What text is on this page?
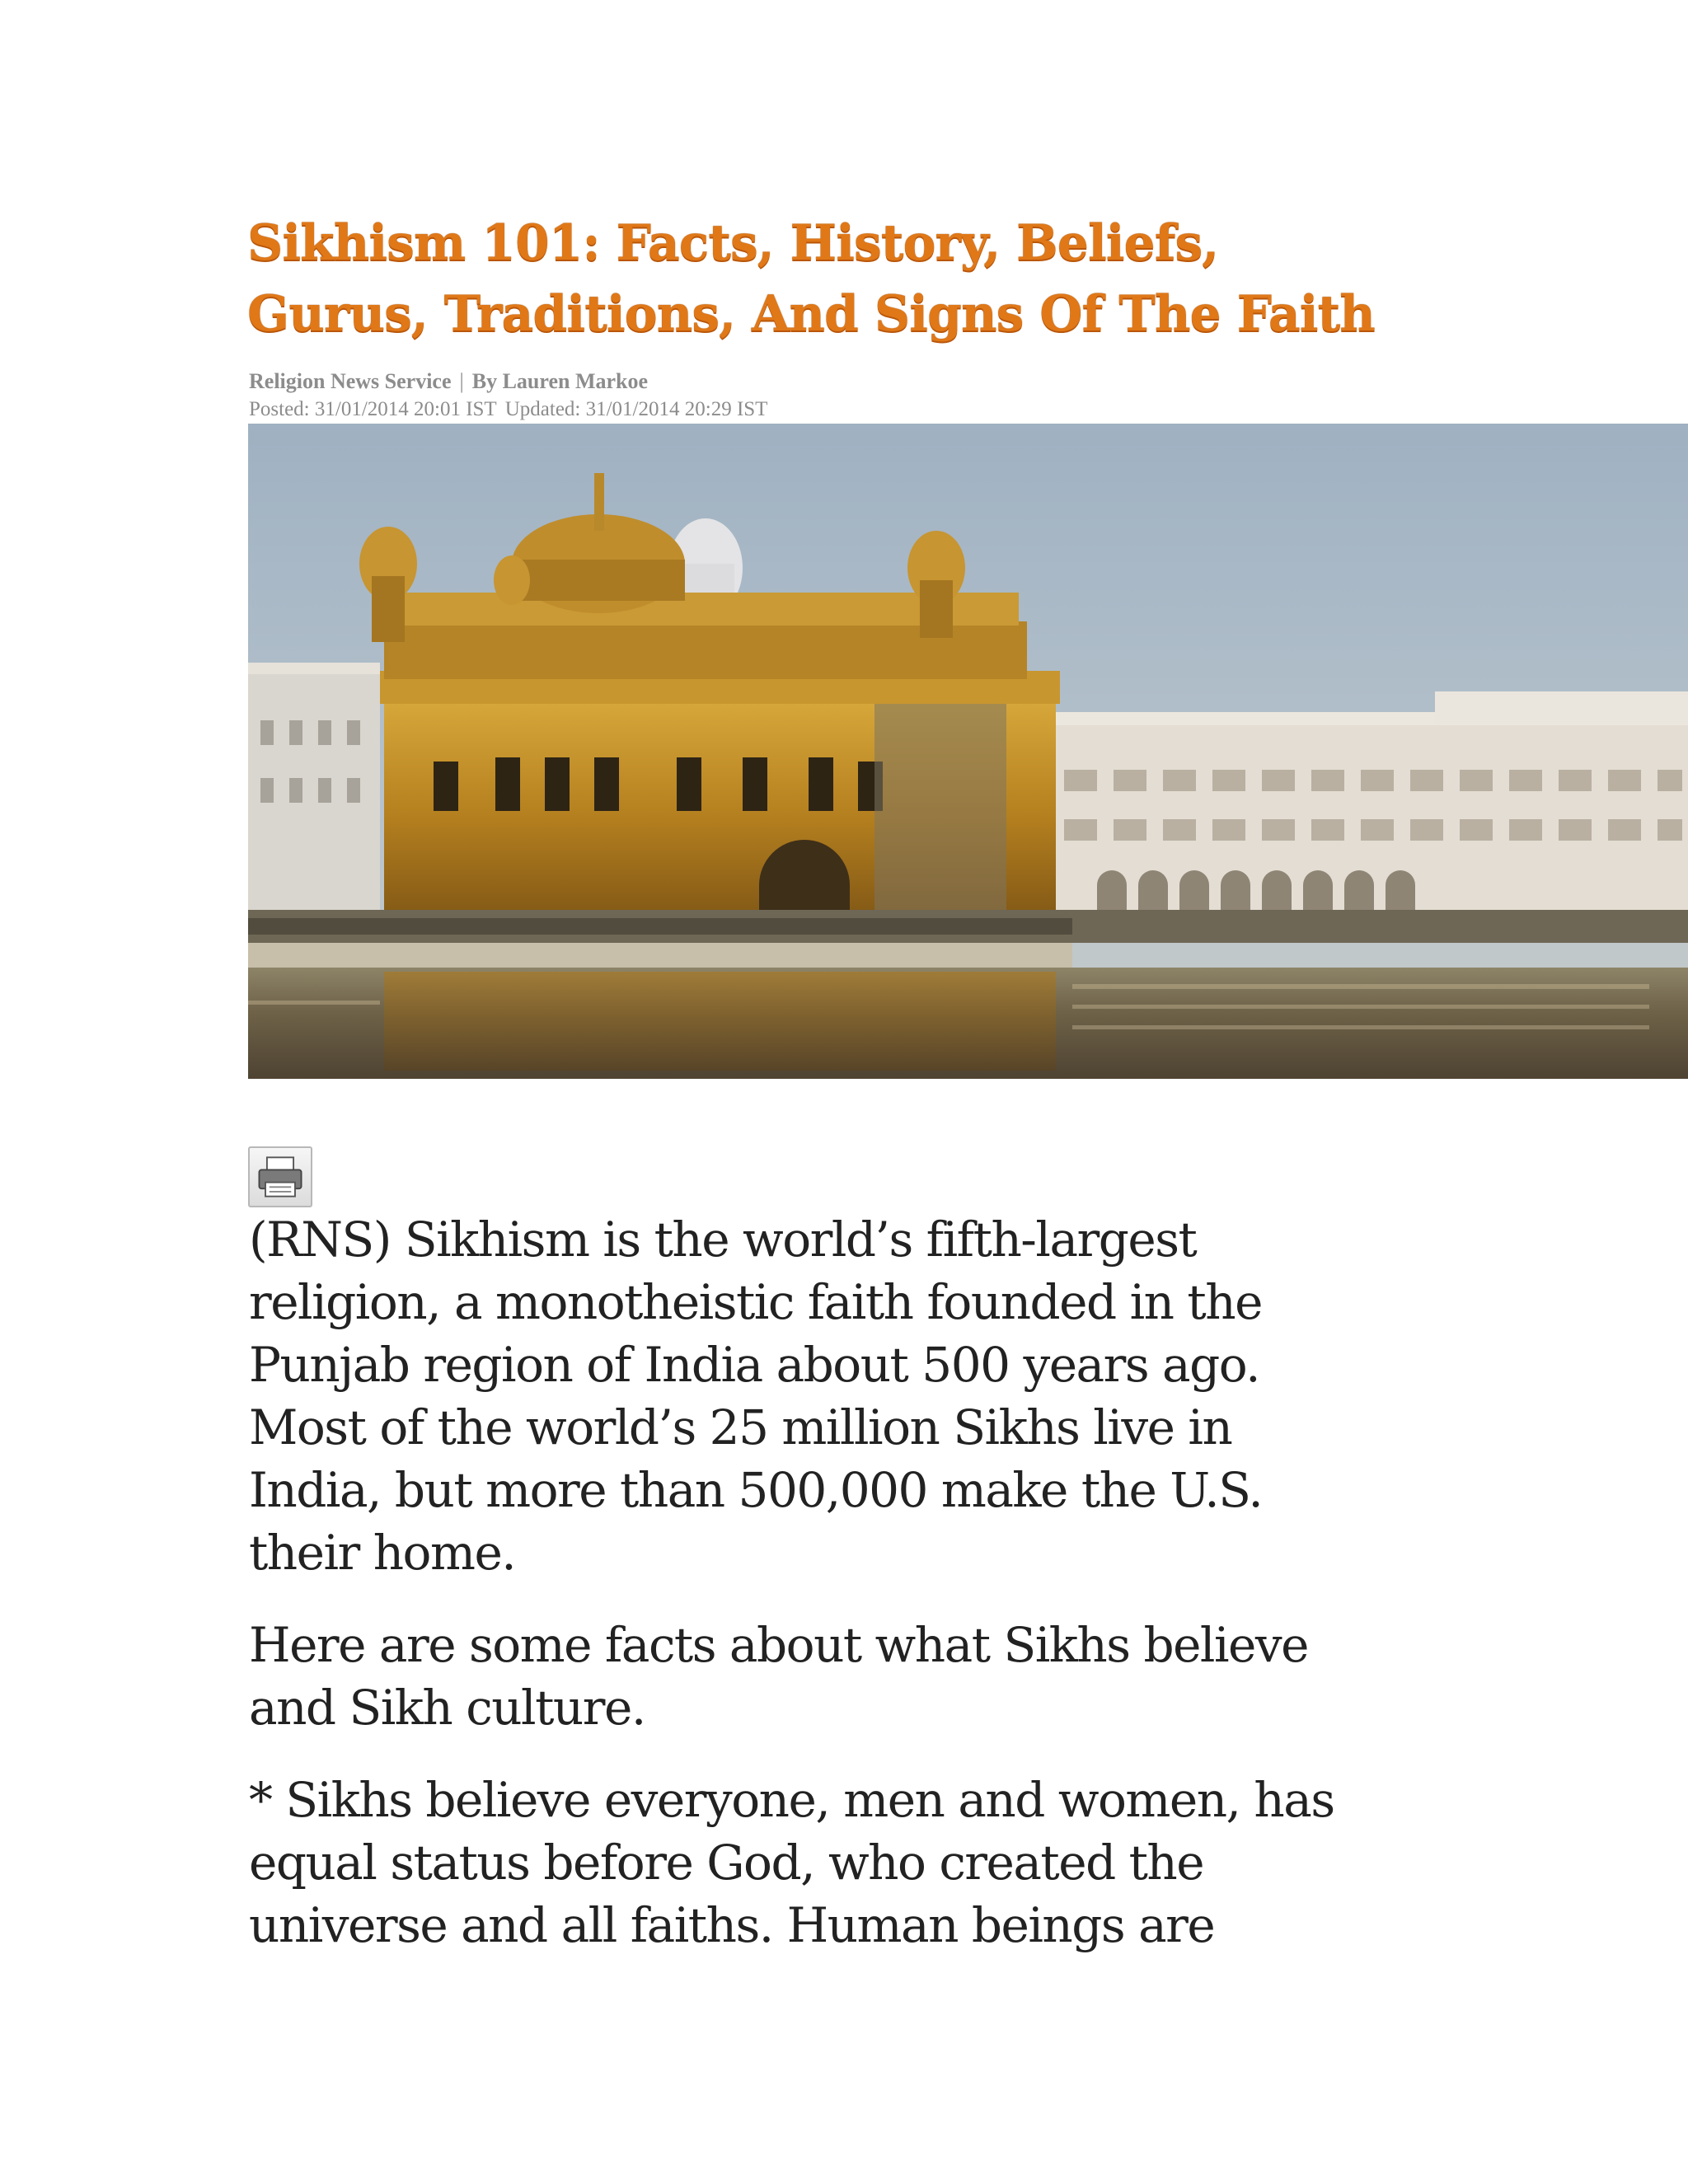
Sikhism 101: Facts, History, Beliefs,
Gurus, Traditions, And Signs Of The Faith
Religion News Service | By Lauren Markoe
Posted: 31/01/2014 20:01 IST Updated: 31/01/2014 20:29 IST

(RNS) Sikhism is the world’s fifth-largest
religion, a monotheistic faith founded in the
Punjab region of India about 500 years ago.
Most of the world’s 25 million Sikhs live in
India, but more than 500,000 make the U.S.
their home.

Here are some facts about what Sikhs believe
and Sikh culture.

* Sikhs believe everyone, men and women, has
equal status before God, who created the
universe and all faiths. Human beings are
